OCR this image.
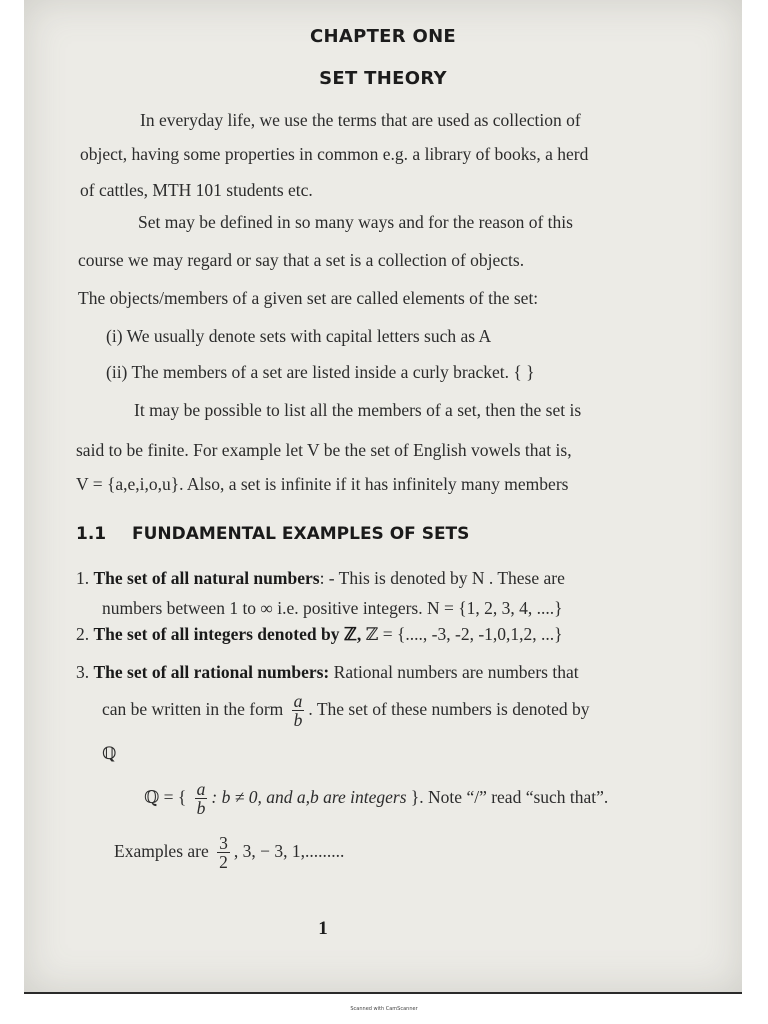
CHAPTER ONE
SET THEORY
In everyday life, we use the terms that are used as collection of
object, having some properties in common e.g. a library of books, a herd
of cattles, MTH 101 students etc.
Set may be defined in so many ways and for the reason of this
course we may regard or say that a set is a collection of objects.
The objects/members of a given set are called elements of the set:
(i) We usually denote sets with capital letters such as A
(ii) The members of a set are listed inside a curly bracket. { }
It may be possible to list all the members of a set, then the set is
said to be finite. For example let V be the set of English vowels that is,
V = {a,e,i,o,u}. Also, a set is infinite if it has infinitely many members
1.1 FUNDAMENTAL EXAMPLES OF SETS
1. The set of all natural numbers: - This is denoted by N . These are
numbers between 1 to ∞ i.e. positive integers. N = {1, 2, 3, 4, ....}
2. The set of all integers denoted by ℤ, ℤ = {...., -3, -2, -1,0,1,2, ...}
3. The set of all rational numbers: Rational numbers are numbers that
can be written in the form $\frac{a}{b}$ . The set of these numbers is denoted by
ℚ
ℚ = { $\frac{a}{b}$ : b ≠ 0, and a,b are integers }. Note “/” read “such that”.
Examples are $\frac{3}{2}$ , 3, − 3, 1,.........
1
Scanned with CamScanner
